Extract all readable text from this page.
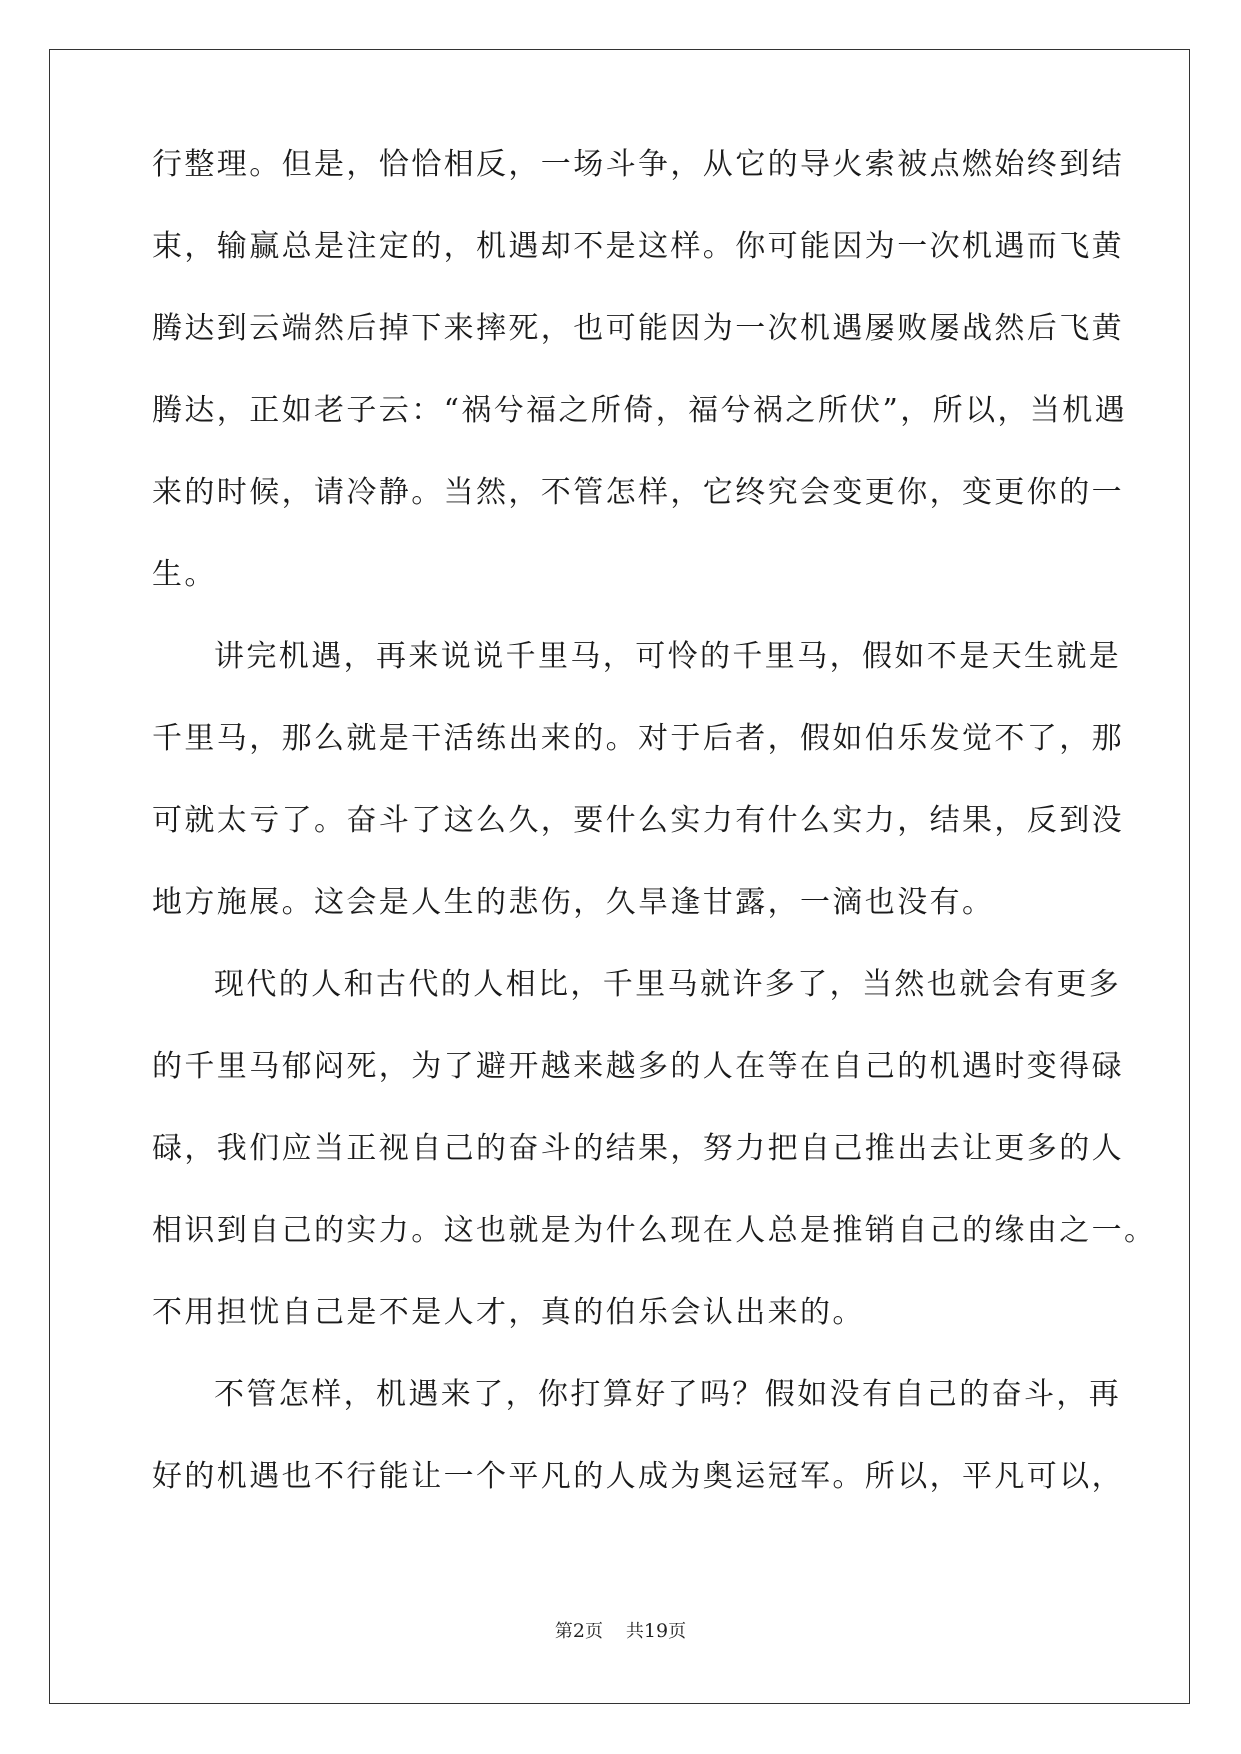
行整理。但是，恰恰相反，一场斗争，从它的导火索被点燃始终到结
束，输赢总是注定的，机遇却不是这样。你可能因为一次机遇而飞黄
腾达到云端然后掉下来摔死，也可能因为一次机遇屡败屡战然后飞黄
腾达，正如老子云：“祸兮福之所倚，福兮祸之所伏”，所以，当机遇
来的时候，请冷静。当然，不管怎样，它终究会变更你，变更你的一
生。
讲完机遇，再来说说千里马，可怜的千里马，假如不是天生就是
千里马，那么就是干活练出来的。对于后者，假如伯乐发觉不了，那
可就太亏了。奋斗了这么久，要什么实力有什么实力，结果，反到没
地方施展。这会是人生的悲伤，久旱逢甘露，一滴也没有。
现代的人和古代的人相比，千里马就许多了，当然也就会有更多
的千里马郁闷死，为了避开越来越多的人在等在自己的机遇时变得碌
碌，我们应当正视自己的奋斗的结果，努力把自己推出去让更多的人
相识到自己的实力。这也就是为什么现在人总是推销自己的缘由之一。
不用担忧自己是不是人才，真的伯乐会认出来的。
不管怎样，机遇来了，你打算好了吗？假如没有自己的奋斗，再
好的机遇也不行能让一个平凡的人成为奥运冠军。所以，平凡可以，
第2页 共19页
